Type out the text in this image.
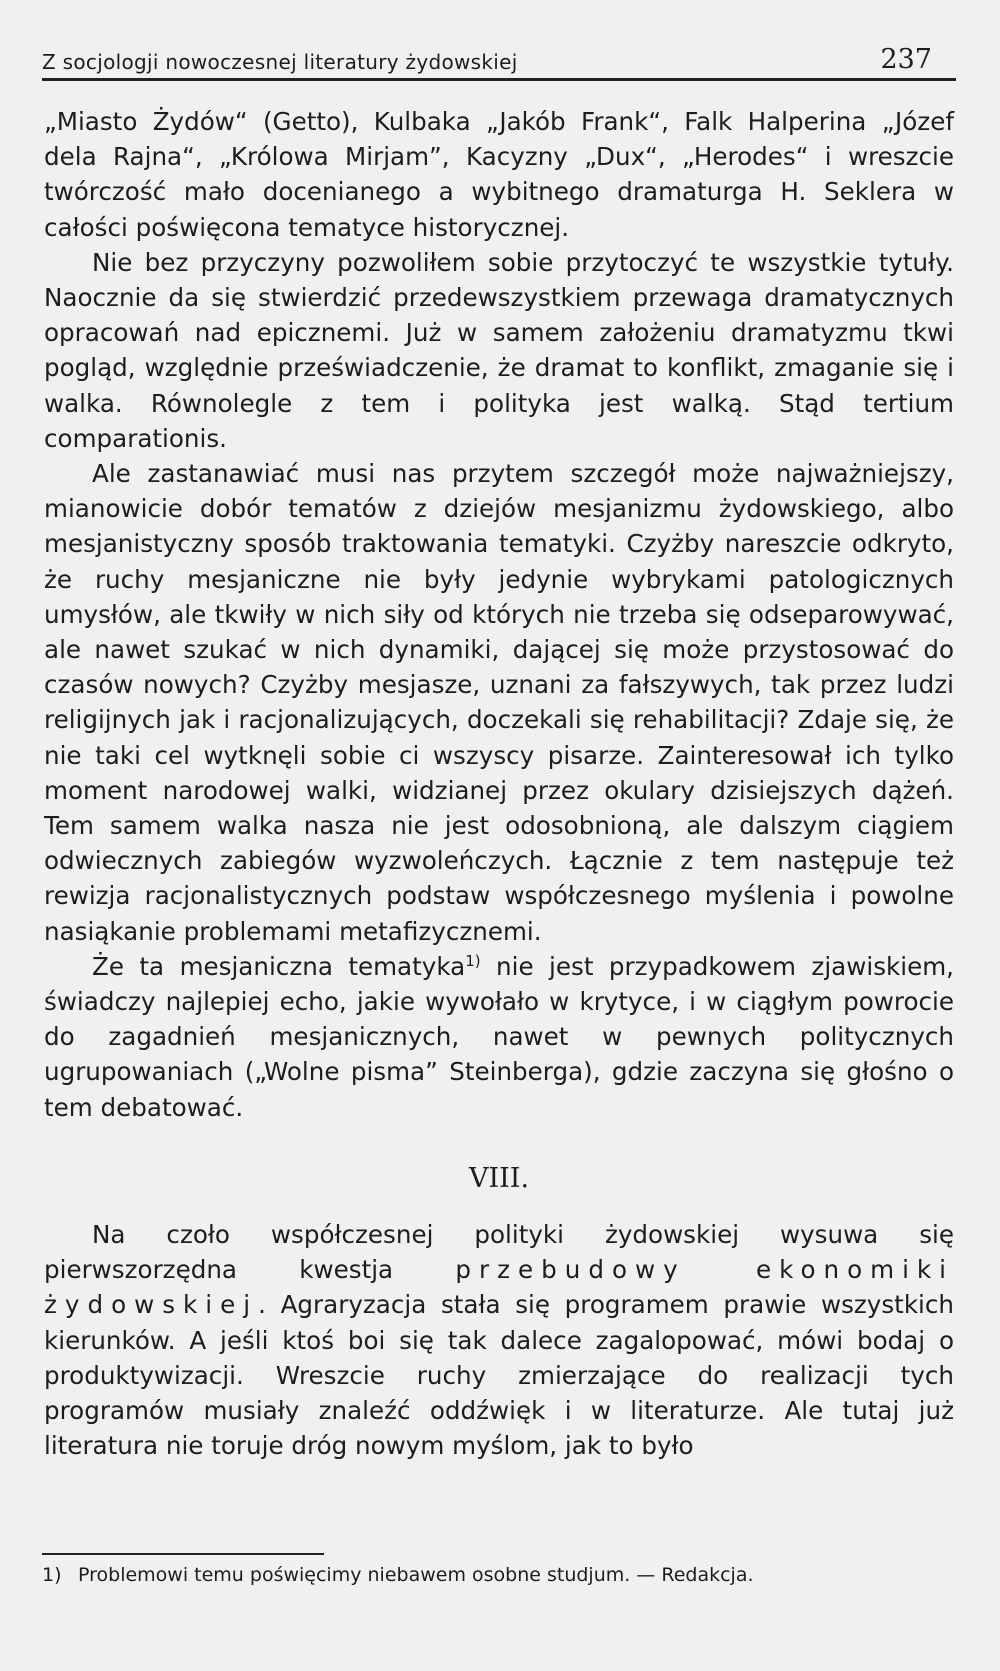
Z socjologji nowoczesnej literatury żydowskiej	237

„Miasto Żydów“ (Getto), Kulbaka „Jakób Frank“, Falk Halperina „Józef dela Rajna“, „Królowa Mirjam”, Kacyzny „Dux“, „Herodes“ i wreszcie twórczość mało docenianego a wybitnego dramaturga H. Seklera w całości poświęcona tematyce historycznej.

Nie bez przyczyny pozwoliłem sobie przytoczyć te wszystkie tytuły. Naocznie da się stwierdzić przedewszystkiem przewaga dramatycznych opracowań nad epicznemi. Już w samem założeniu dramatyzmu tkwi pogląd, względnie przeświadczenie, że dramat to konflikt, zmaganie się i walka. Równolegle z tem i polityka jest walką. Stąd tertium comparationis.

Ale zastanawiać musi nas przytem szczegół może najważniejszy, mianowicie dobór tematów z dziejów mesjanizmu żydowskiego, albo mesjanistyczny sposób traktowania tematyki. Czyżby nareszcie odkryto, że ruchy mesjaniczne nie były jedynie wybrykami patologicznych umysłów, ale tkwiły w nich siły od których nie trzeba się odseparowywać, ale nawet szukać w nich dynamiki, dającej się może przystosować do czasów nowych? Czyżby mesjasze, uznani za fałszywych, tak przez ludzi religijnych jak i racjonalizujących, doczekali się rehabilitacji? Zdaje się, że nie taki cel wytknęli sobie ci wszyscy pisarze. Zainteresował ich tylko moment narodowej walki, widzianej przez okulary dzisiejszych dążeń. Tem samem walka nasza nie jest odosobnioną, ale dalszym ciągiem odwiecznych zabiegów wyzwoleńczych. Łącznie z tem następuje też rewizja racjonalistycznych podstaw współczesnego myślenia i powolne nasiąkanie problemami metafizycznemi.

Że ta mesjaniczna tematyka$^{1)}$ nie jest przypadkowem zjawiskiem, świadczy najlepiej echo, jakie wywołało w krytyce, i w ciągłym powrocie do zagadnień mesjanicznych, nawet w pewnych politycznych ugrupowaniach („Wolne pisma” Steinberga), gdzie zaczyna się głośno o tem debatować.

VIII.

Na czoło współczesnej polityki żydowskiej wysuwa się pierwszorzędna kwestja przebudowy ekonomiki żydowskiej. Agraryzacja stała się programem prawie wszystkich kierunków. A jeśli ktoś boi się tak dalece zagalopować, mówi bodaj o produktywizacji. Wreszcie ruchy zmierzające do realizacji tych programów musiały znaleźć oddźwięk i w literaturze. Ale tutaj już literatura nie toruje dróg nowym myślom, jak to było

1) Problemowi temu poświęcimy niebawem osobne studjum. — Redakcja.
